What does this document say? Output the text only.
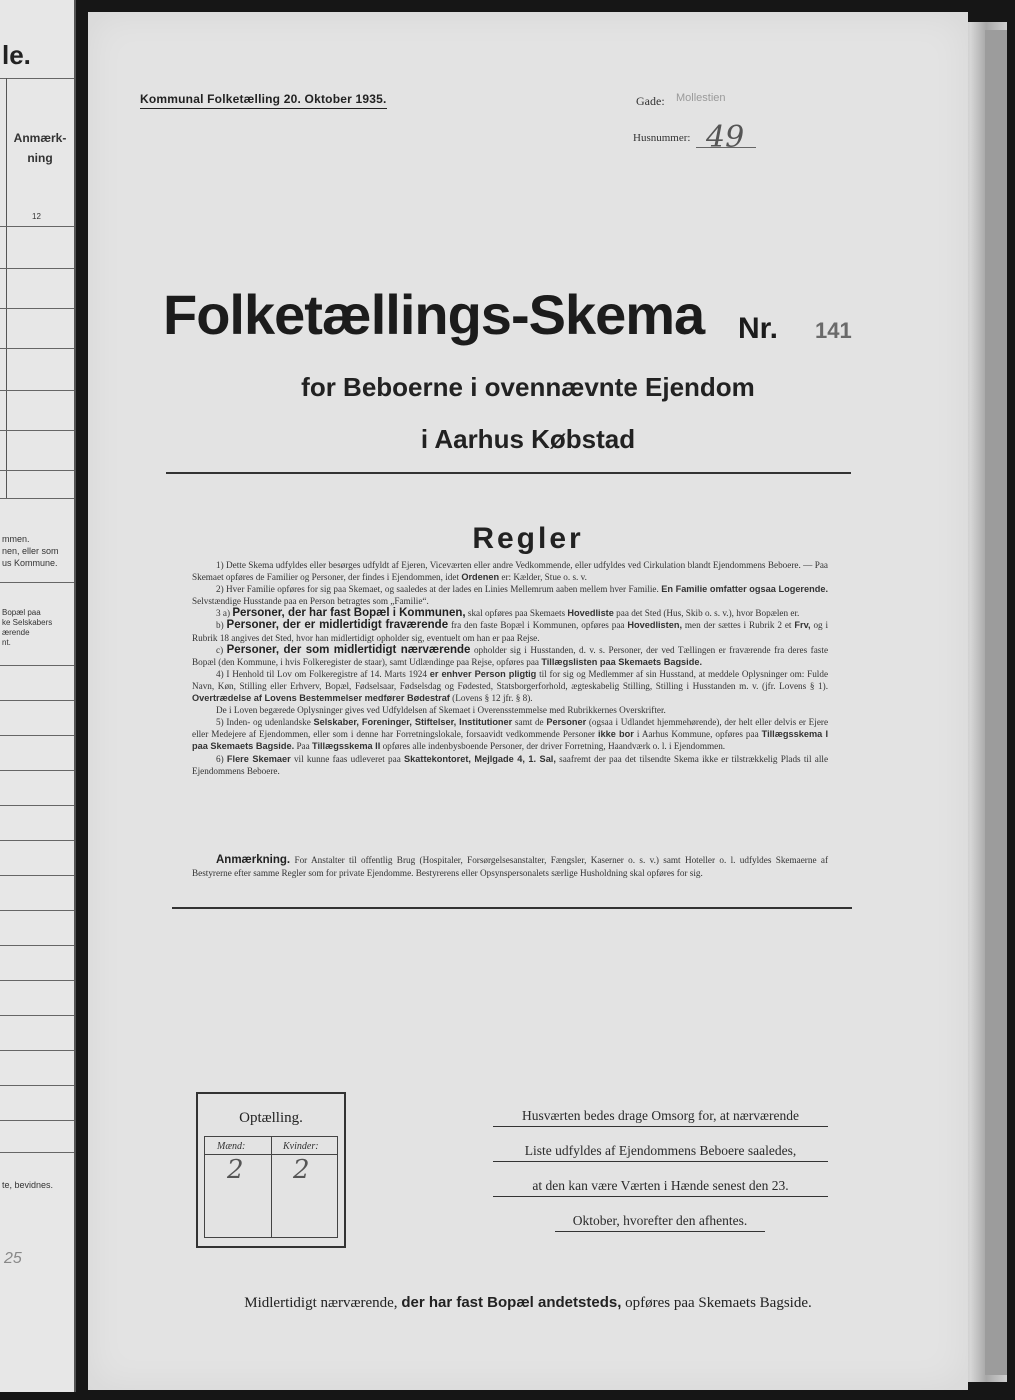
le.
Anmærk-
ning
12
mmen.
nen, eller som
us Kommune.
Bopæl paa
ke Selskabers
ærende
nt.
te, bevidnes.
25
Kommunal Folketælling 20. Oktober 1935.	Gade: Mollestien
Husnummer: 49
Folketællings-Skema	Nr. 141
for Beboerne i ovennævnte Ejendom
i Aarhus Købstad
Regler

1) Dette Skema udfyldes eller besørges udfyldt af Ejeren, Viceværten eller andre Vedkommende, eller udfyldes ved Cirkulation blandt Ejendommens Beboere. — Paa Skemaet opføres de Familier og Personer, der findes i Ejendommen, idet Ordenen er: Kælder, Stue o. s. v.

2) Hver Familie opføres for sig paa Skemaet, og saaledes at der lades en Linies Mellemrum aaben mellem hver Familie. En Familie omfatter ogsaa Logerende. Selvstændige Husstande paa en Person betragtes som „Familie“.

3 a) Personer, der har fast Bopæl i Kommunen, skal opføres paa Skemaets Hovedliste paa det Sted (Hus, Skib o. s. v.), hvor Bopælen er.

b) Personer, der er midlertidigt fraværende fra den faste Bopæl i Kommunen, opføres paa Hovedlisten, men der sættes i Rubrik 2 et Frv, og i Rubrik 18 angives det Sted, hvor han midlertidigt opholder sig, eventuelt om han er paa Rejse.

c) Personer, der som midlertidigt nærværende opholder sig i Husstanden, d. v. s. Personer, der ved Tællingen er fraværende fra deres faste Bopæl (den Kommune, i hvis Folkeregister de staar), samt Udlændinge paa Rejse, opføres paa Tillægslisten paa Skemaets Bagside.

4) I Henhold til Lov om Folkeregistre af 14. Marts 1924 er enhver Person pligtig til for sig og Medlemmer af sin Husstand, at meddele Oplysninger om: Fulde Navn, Køn, Stilling eller Erhverv, Bopæl, Fødselsaar, Fødselsdag og Fødested, Statsborgerforhold, ægteskabelig Stilling, Stilling i Husstanden m. v. (jfr. Lovens § 1). Overtrædelse af Lovens Bestemmelser medfører Bødestraf (Lovens § 12 jfr. § 8).

De i Loven begærede Oplysninger gives ved Udfyldelsen af Skemaet i Overensstemmelse med Rubrikkernes Overskrifter.

5) Inden- og udenlandske Selskaber, Foreninger, Stiftelser, Institutioner samt de Personer (ogsaa i Udlandet hjemmehørende), der helt eller delvis er Ejere eller Medejere af Ejendommen, eller som i denne har Forretningslokale, forsaavidt vedkommende Personer ikke bor i Aarhus Kommune, opføres paa Tillægsskema I paa Skemaets Bagside. Paa Tillægsskema II opføres alle indenbysboende Personer, der driver Forretning, Haandværk o. l. i Ejendommen.

6) Flere Skemaer vil kunne faas udleveret paa Skattekontoret, Mejlgade 4, 1. Sal, saafremt der paa det tilsendte Skema ikke er tilstrækkelig Plads til alle Ejendommens Beboere.

Anmærkning. For Anstalter til offentlig Brug (Hospitaler, Forsørgelsesanstalter, Fængsler, Kaserner o. s. v.) samt Hoteller o. l. udfyldes Skemaerne af Bestyrerne efter samme Regler som for private Ejendomme. Bestyrerens eller Opsynspersonalets særlige Husholdning skal opføres for sig.

Optælling.
Mænd:	Kvinder:
2 2
Husværten bedes drage Omsorg for, at nærværende
Liste udfyldes af Ejendommens Beboere saaledes,
at den kan være Værten i Hænde senest den 23.
Oktober, hvorefter den afhentes.
Midlertidigt nærværende, der har fast Bopæl andetsteds, opføres paa Skemaets Bagside.
